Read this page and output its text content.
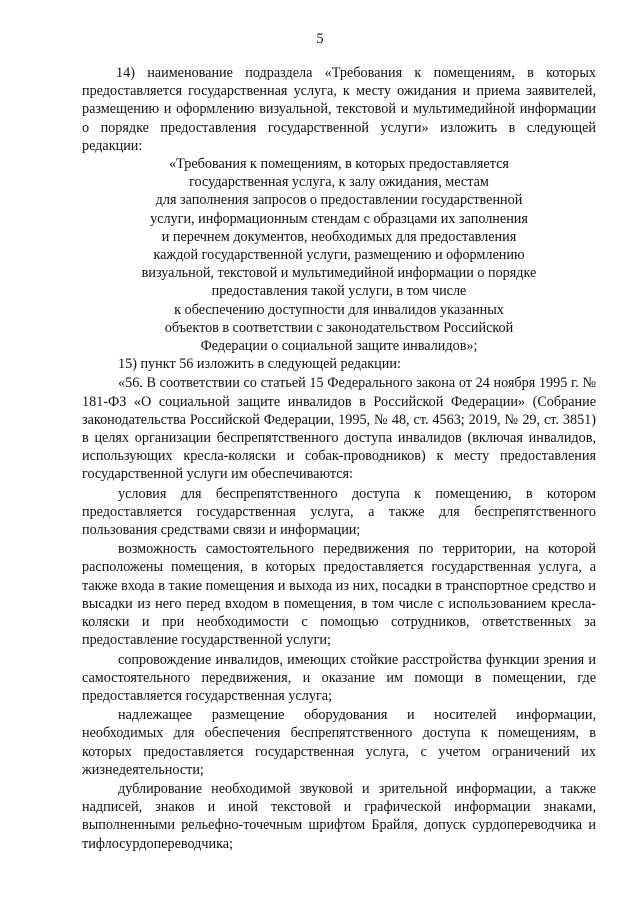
5

14) наименование подраздела «Требования к помещениям, в которых предоставляется государственная услуга, к месту ожидания и приема заявителей, размещению и оформлению визуальной, текстовой и мультимедийной информации о порядке предоставления государственной услуги» изложить в следующей редакции:

«Требования к помещениям, в которых предоставляется
государственная услуга, к залу ожидания, местам
для заполнения запросов о предоставлении государственной
услуги, информационным стендам с образцами их заполнения
и перечнем документов, необходимых для предоставления
каждой государственной услуги, размещению и оформлению
визуальной, текстовой и мультимедийной информации о порядке
предоставления такой услуги, в том числе
к обеспечению доступности для инвалидов указанных
объектов в соответствии с законодательством Российской
Федерации о социальной защите инвалидов»;

15) пункт 56 изложить в следующей редакции:

«56. В соответствии со статьей 15 Федерального закона от 24 ноября 1995 г. № 181-ФЗ «О социальной защите инвалидов в Российской Федерации» (Собрание законодательства Российской Федерации, 1995, № 48, ст. 4563; 2019, № 29, ст. 3851) в целях организации беспрепятственного доступа инвалидов (включая инвалидов, использующих кресла-коляски и собак-проводников) к месту предоставления государственной услуги им обеспечиваются:

условия для беспрепятственного доступа к помещению, в котором предоставляется государственная услуга, а также для беспрепятственного пользования средствами связи и информации;

возможность самостоятельного передвижения по территории, на которой расположены помещения, в которых предоставляется государственная услуга, а также входа в такие помещения и выхода из них, посадки в транспортное средство и высадки из него перед входом в помещения, в том числе с использованием кресла-коляски и при необходимости с помощью сотрудников, ответственных за предоставление государственной услуги;

сопровождение инвалидов, имеющих стойкие расстройства функции зрения и самостоятельного передвижения, и оказание им помощи в помещении, где предоставляется государственная услуга;

надлежащее размещение оборудования и носителей информации, необходимых для обеспечения беспрепятственного доступа к помещениям, в которых предоставляется государственная услуга, с учетом ограничений их жизнедеятельности;

дублирование необходимой звуковой и зрительной информации, а также надписей, знаков и иной текстовой и графической информации знаками, выполненными рельефно-точечным шрифтом Брайля, допуск сурдопереводчика и тифлосурдопереводчика;
